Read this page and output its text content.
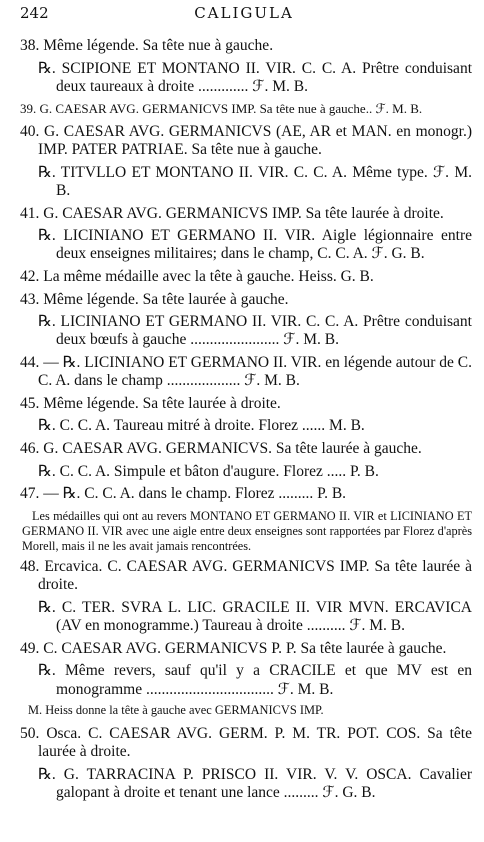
242	CALIGULA
38. Même légende. Sa tête nue à gauche.
℞. SCIPIONE ET MONTANO II. VIR. C. C. A. Prêtre conduisant deux taureaux à droite ............. ℱ. M. B.
39. G. CAESAR AVG. GERMANICVS IMP. Sa tête nue à gauche.. ℱ. M. B.
40. G. CAESAR AVG. GERMANICVS (AE, AR et MAN. en monogr.) IMP. PATER PATRIAE. Sa tête nue à gauche.
℞. TITVLLO ET MONTANO II. VIR. C. C. A. Même type. ℱ. M. B.
41. G. CAESAR AVG. GERMANICVS IMP. Sa tête laurée à droite.
℞. LICINIANO ET GERMANO II. VIR. Aigle légionnaire entre deux enseignes militaires; dans le champ, C. C. A. ℱ. G. B.
42. La même médaille avec la tête à gauche. Heiss. G. B.
43. Même légende. Sa tête laurée à gauche.
℞. LICINIANO ET GERMANO II. VIR. C. C. A. Prêtre conduisant deux bœufs à gauche ....................... ℱ. M. B.
44. — ℞. LICINIANO ET GERMANO II. VIR. en légende autour de C. C. A. dans le champ ................... ℱ. M. B.
45. Même légende. Sa tête laurée à droite.
℞. C. C. A. Taureau mitré à droite. Florez ...... M. B.
46. G. CAESAR AVG. GERMANICVS. Sa tête laurée à gauche.
℞. C. C. A. Simpule et bâton d'augure. Florez ..... P. B.
47. — ℞. C. C. A. dans le champ. Florez ......... P. B.
Les médailles qui ont au revers MONTANO ET GERMANO II. VIR et LICINIANO ET GERMANO II. VIR avec une aigle entre deux enseignes sont rapportées par Florez d'après Morell, mais il ne les avait jamais rencontrées.
48. Ercavica. C. CAESAR AVG. GERMANICVS IMP. Sa tête laurée à droite.
℞. C. TER. SVRA L. LIC. GRACILE II. VIR MVN. ERCAVICA (AV en monogramme.) Taureau à droite .......... ℱ. M. B.
49. C. CAESAR AVG. GERMANICVS P. P. Sa tête laurée à gauche.
℞. Même revers, sauf qu'il y a CRACILE et que MV est en monogramme ................................. ℱ. M. B.
M. Heiss donne la tête à gauche avec GERMANICVS IMP.
50. Osca. C. CAESAR AVG. GERM. P. M. TR. POT. COS. Sa tête laurée à droite.
℞. G. TARRACINA P. PRISCO II. VIR. V. V. OSCA. Cavalier galopant à droite et tenant une lance ......... ℱ. G. B.
